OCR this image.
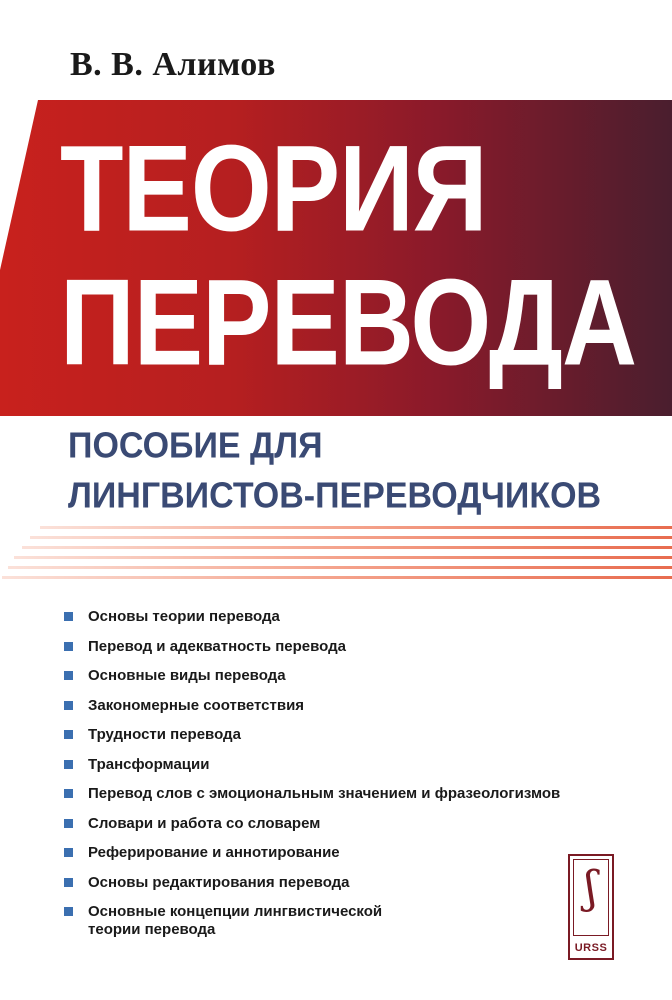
В. В. Алимов
ТЕОРИЯ
ПЕРЕВОДА
ПОСОБИЕ ДЛЯ
ЛИНГВИСТОВ-ПЕРЕВОДЧИКОВ
Основы теории перевода
Перевод и адекватность перевода
Основные виды перевода
Закономерные соответствия
Трудности перевода
Трансформации
Перевод слов с эмоциональным значением и фразеологизмов
Словари и работа со словарем
Реферирование и аннотирование
Основы редактирования перевода
Основные концепции лингвистической теории перевода
ʃ
URSS
